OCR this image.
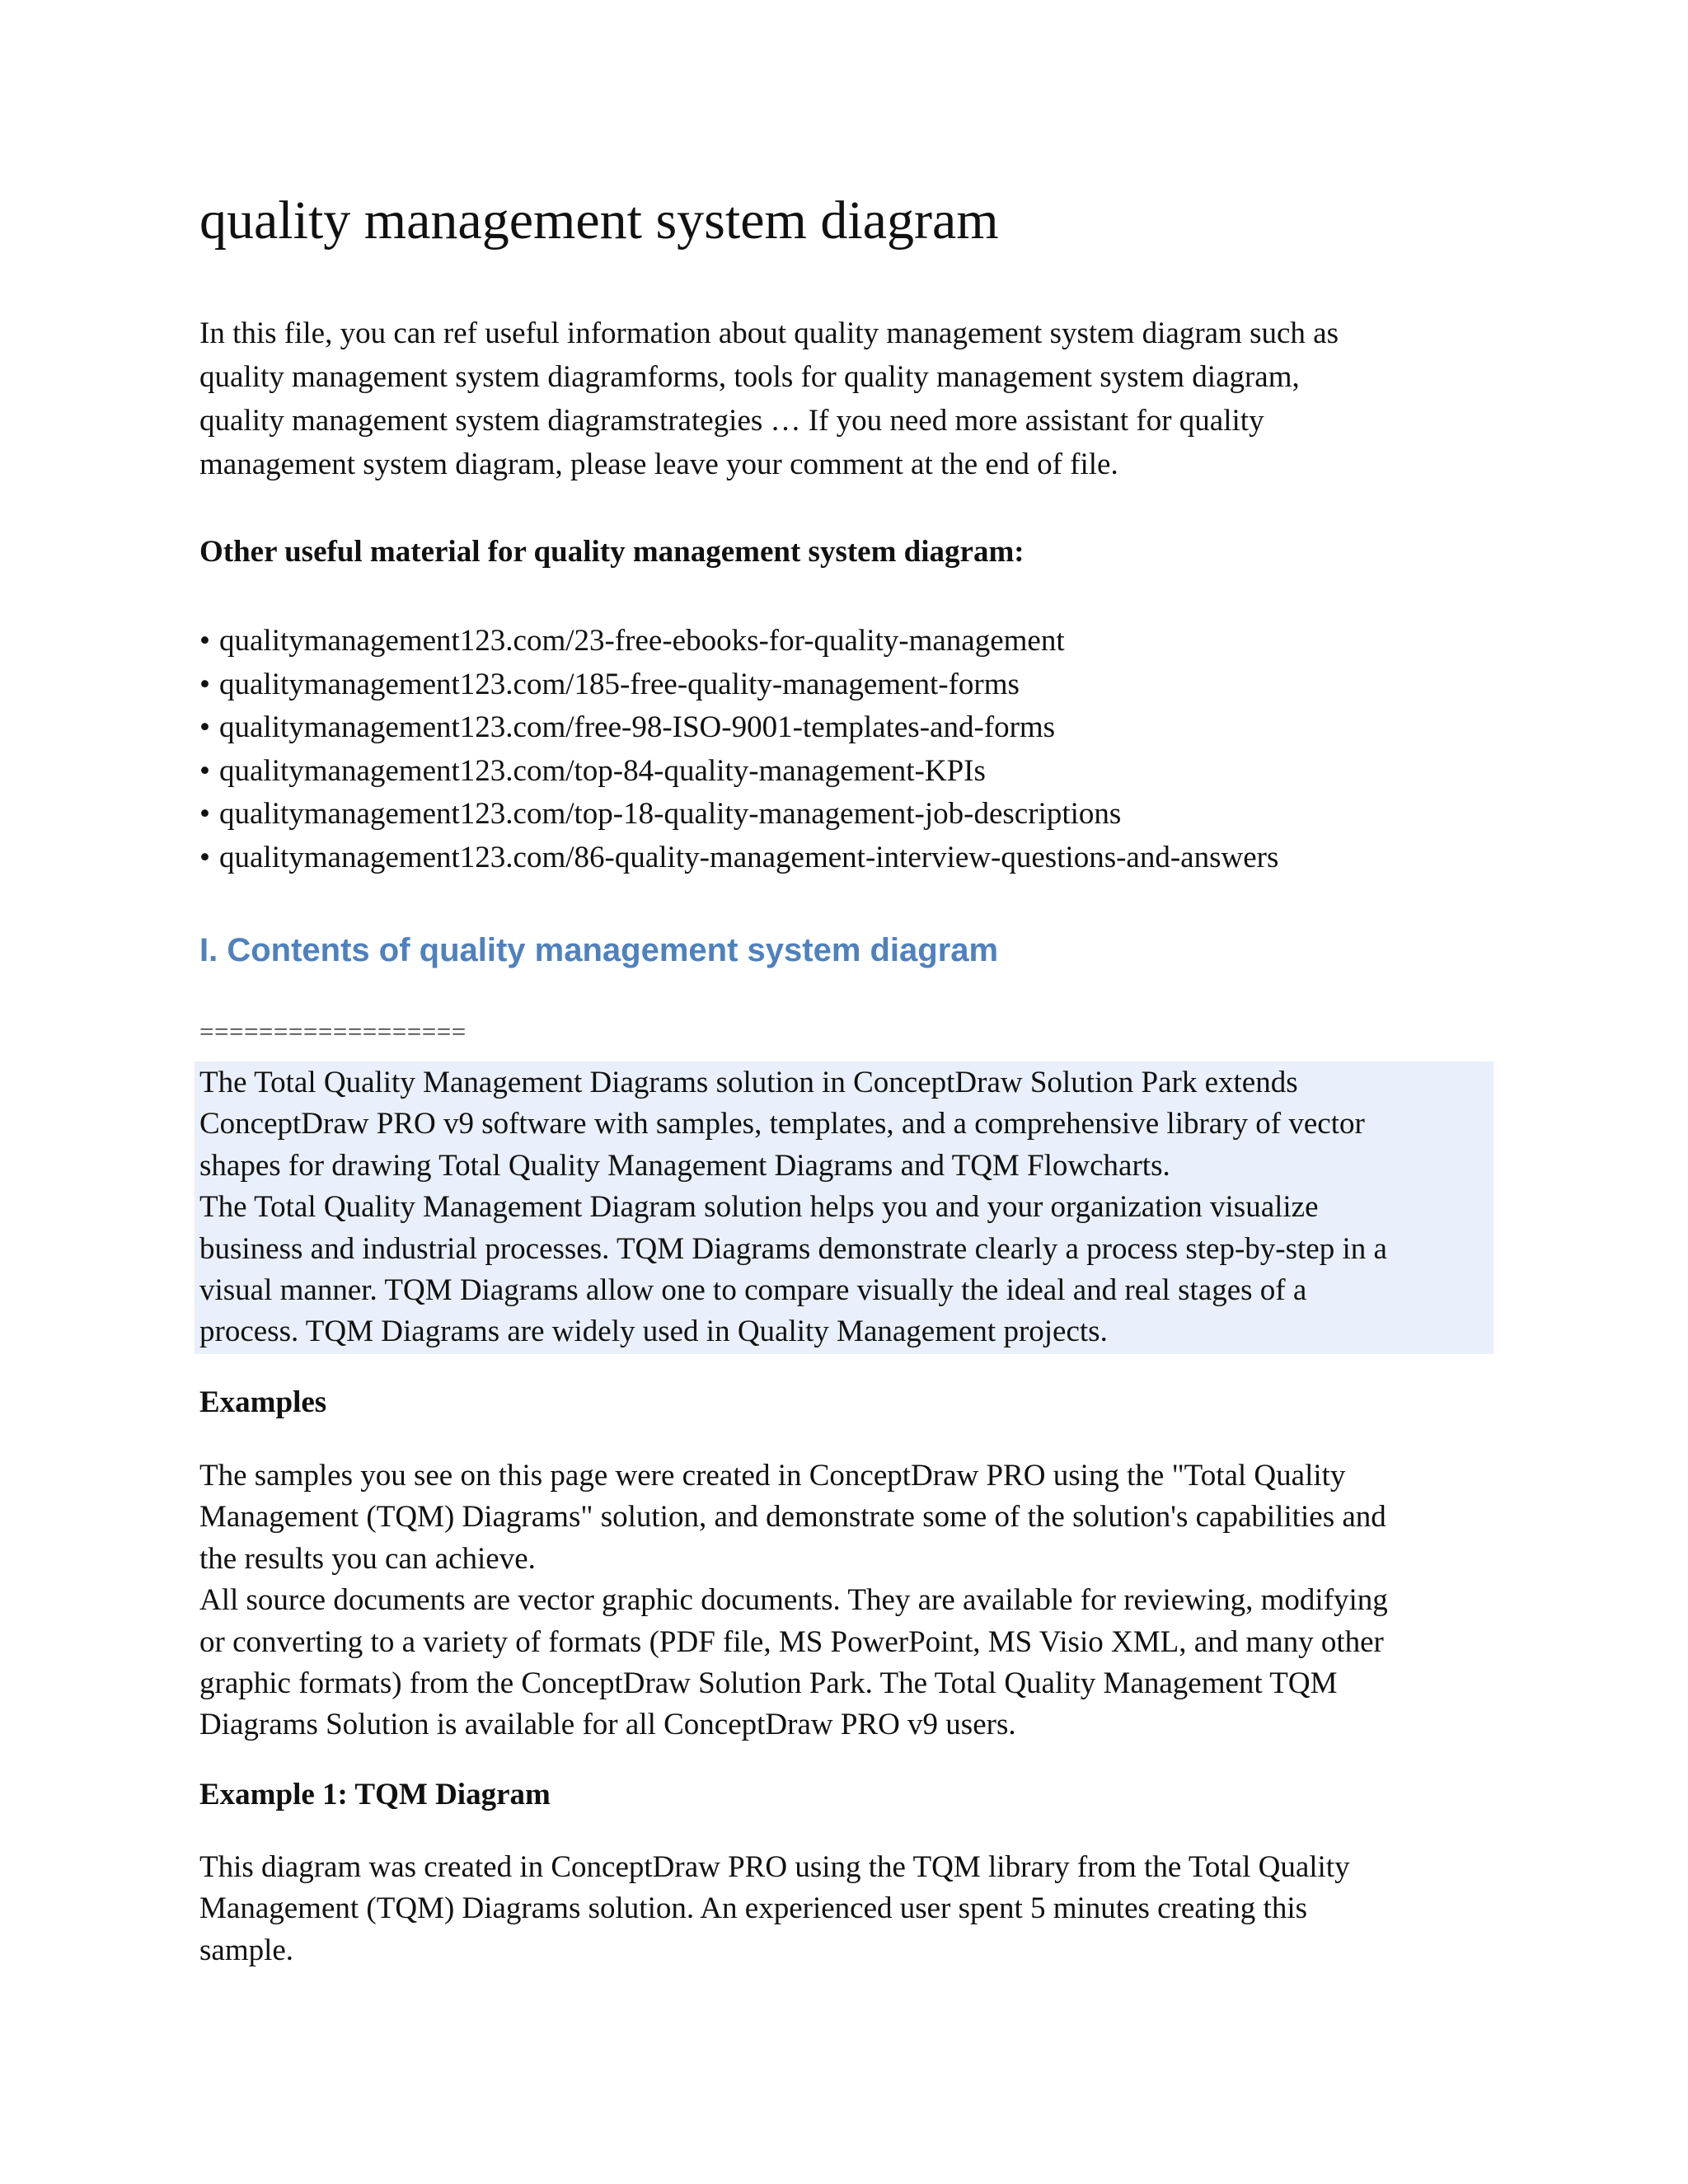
quality management system diagram

In this file, you can ref useful information about quality management system diagram such as
quality management system diagramforms, tools for quality management system diagram,
quality management system diagramstrategies … If you need more assistant for quality
management system diagram, please leave your comment at the end of file.

Other useful material for quality management system diagram:
• qualitymanagement123.com/23-free-ebooks-for-quality-management
• qualitymanagement123.com/185-free-quality-management-forms
• qualitymanagement123.com/free-98-ISO-9001-templates-and-forms
• qualitymanagement123.com/top-84-quality-management-KPIs
• qualitymanagement123.com/top-18-quality-management-job-descriptions
• qualitymanagement123.com/86-quality-management-interview-questions-and-answers
I. Contents of quality management system diagram
==================

The Total Quality Management Diagrams solution in ConceptDraw Solution Park extends
ConceptDraw PRO v9 software with samples, templates, and a comprehensive library of vector
shapes for drawing Total Quality Management Diagrams and TQM Flowcharts.
The Total Quality Management Diagram solution helps you and your organization visualize
business and industrial processes. TQM Diagrams demonstrate clearly a process step-by-step in a
visual manner. TQM Diagrams allow one to compare visually the ideal and real stages of a
process. TQM Diagrams are widely used in Quality Management projects.

Examples

The samples you see on this page were created in ConceptDraw PRO using the "Total Quality
Management (TQM) Diagrams" solution, and demonstrate some of the solution's capabilities and
the results you can achieve.
All source documents are vector graphic documents. They are available for reviewing, modifying
or converting to a variety of formats (PDF file, MS PowerPoint, MS Visio XML, and many other
graphic formats) from the ConceptDraw Solution Park. The Total Quality Management TQM
Diagrams Solution is available for all ConceptDraw PRO v9 users.

Example 1: TQM Diagram

This diagram was created in ConceptDraw PRO using the TQM library from the Total Quality
Management (TQM) Diagrams solution. An experienced user spent 5 minutes creating this
sample.
